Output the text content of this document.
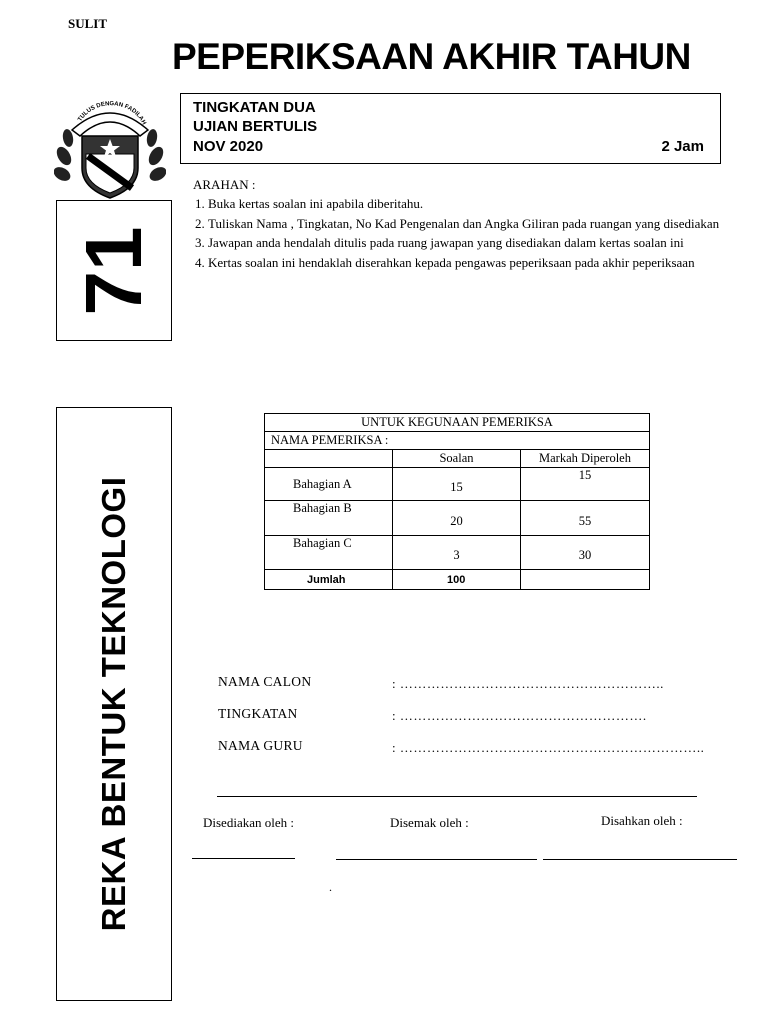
SULIT
PEPERIKSAAN AKHIR TAHUN
TULUS DENGAN FADILAH
TINGKATAN DUA
UJIAN BERTULIS
NOV 2020	2 Jam
71
ARAHAN :
1. Buka kertas soalan ini apabila diberitahu.
2. Tuliskan Nama , Tingkatan, No Kad Pengenalan dan Angka Giliran pada ruangan yang disediakan
3. Jawapan anda hendalah ditulis pada ruang jawapan yang disediakan dalam kertas soalan ini
4. Kertas soalan ini hendaklah diserahkan kepada pengawas peperiksaan pada akhir peperiksaan
REKA BENTUK TEKNOLOGI
UNTUK KEGUNAAN PEMERIKSA		
NAMA PEMERIKSA :		
	Soalan	Markah Diperoleh
Bahagian A	15	15
Bahagian B	20	55
Bahagian C	3	30
Jumlah	100	
NAMA CALON	: …………………………………………………..
TINGKATAN	: ……………………………………………….
NAMA GURU	: …………………………………………………………..
Disediakan oleh :	Disemak oleh :	Disahkan oleh :
.
